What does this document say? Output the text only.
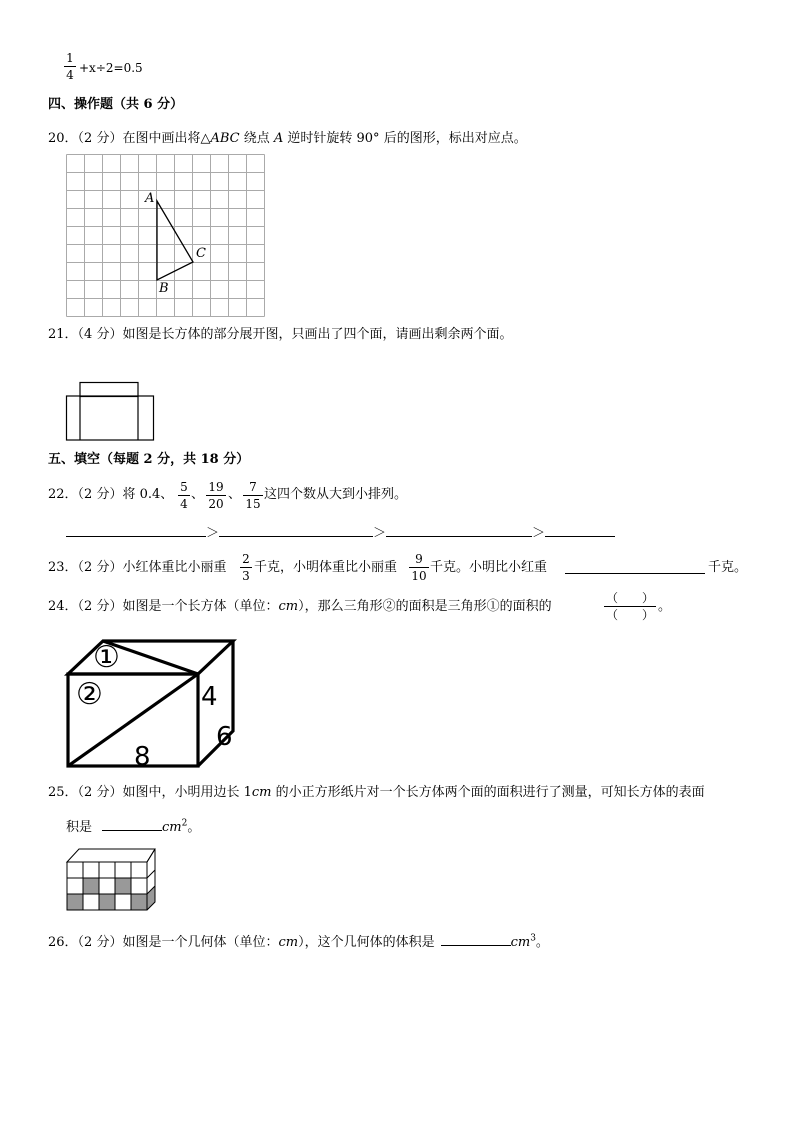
1
4 +x÷2=0.5
四、操作题（共 6 分）
20．（2 分）在图中画出将△ABC 绕点 A 逆时针旋转 90° 后的图形，标出对应点。
A
B
C
21．（4 分）如图是长方体的部分展开图，只画出了四个面，请画出剩余两个面。
五、填空（每题 2 分，共 18 分）
22．（2 分）将 0.4、 5
4
、 19
20
、 7
15
这四个数从大到小排列。
＞	＞	＞
23．（2 分）小红体重比小丽重
2
3
千克，小明体重比小丽重
9
10
千克。小明比小红重	千克。
24．（2 分）如图是一个长方体（单位：cm），那么三角形②的面积是三角形①的面积的
（　　）
（　　）
。
①
②	4
6
8
25．（2 分）如图中，小明用边长 1cm 的小正方形纸片对一个长方体两个面的面积进行了测量，可知长方体的表面
积是	$cm^2$。
26．（2 分）如图是一个几何体（单位：cm），这个几何体的体积是	$cm^3$。
